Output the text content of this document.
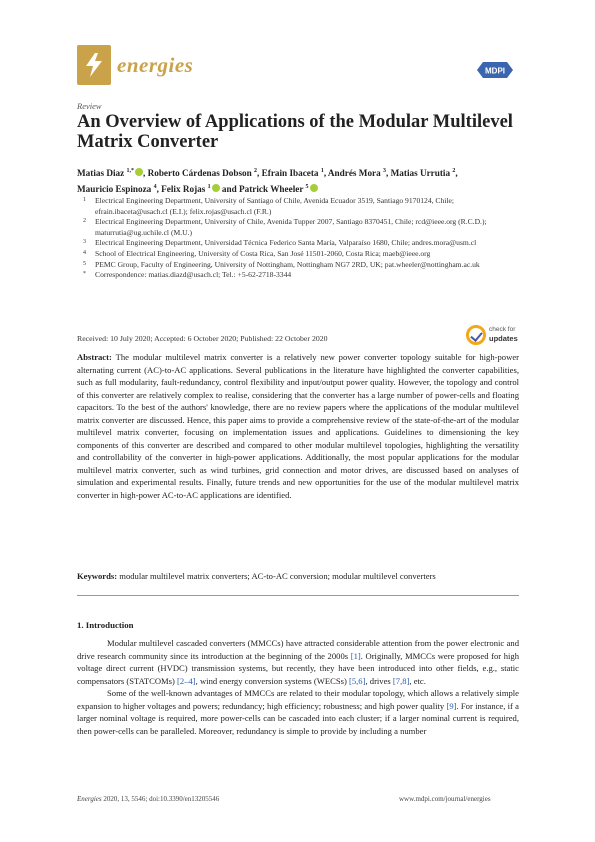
energies	MDPI
Review
An Overview of Applications of the Modular Multilevel Matrix Converter
Matias Diaz $^{1,*}$ , Roberto Cárdenas Dobson $^2$, Efrain Ibaceta $^1$, Andrés Mora $^3$, Matias Urrutia $^2$,
Mauricio Espinoza $^4$, Felix Rojas $^1$ and Patrick Wheeler $^5$
1	Electrical Engineering Department, University of Santiago of Chile, Avenida Ecuador 3519, Santiago 9170124, Chile; efrain.ibaceta@usach.cl (E.I.); felix.rojas@usach.cl (F.R.)
2	Electrical Engineering Department, University of Chile, Avenida Tupper 2007, Santiago 8370451, Chile; rcd@ieee.org (R.C.D.); maturrutia@ug.uchile.cl (M.U.)
3	Electrical Engineering Department, Universidad Técnica Federico Santa María, Valparaíso 1680, Chile; andres.mora@usm.cl
4	School of Electrical Engineering, University of Costa Rica, San José 11501-2060, Costa Rica; maeb@ieee.org
5	PEMC Group, Faculty of Engineering, University of Nottingham, Nottingham NG7 2RD, UK; pat.wheeler@nottingham.ac.uk
*	Correspondence: matias.diazd@usach.cl; Tel.: +5-62-2718-3344
Received: 10 July 2020; Accepted: 6 October 2020; Published: 22 October 2020
check for
updates
Abstract: The modular multilevel matrix converter is a relatively new power converter topology suitable for high-power alternating current (AC)-to-AC applications. Several publications in the literature have highlighted the converter capabilities, such as full modularity, fault-redundancy, control flexibility and input/output power quality. However, the topology and control of this converter are relatively complex to realise, considering that the converter has a large number of power-cells and floating capacitors. To the best of the authors' knowledge, there are no review papers where the applications of the modular multilevel matrix converter are discussed. Hence, this paper aims to provide a comprehensive review of the state-of-the-art of the modular multilevel matrix converter, focusing on implementation issues and applications. Guidelines to dimensioning the key components of this converter are described and compared to other modular multilevel topologies, highlighting the versatility and controllability of the converter in high-power applications. Additionally, the most popular applications for the modular multilevel matrix converter, such as wind turbines, grid connection and motor drives, are discussed based on analyses of simulation and experimental results. Finally, future trends and new opportunities for the use of the modular multilevel matrix converter in high-power AC-to-AC applications are identified.
Keywords: modular multilevel matrix converters; AC-to-AC conversion; modular multilevel converters
1. Introduction

Modular multilevel cascaded converters (MMCCs) have attracted considerable attention from the power electronic and drive research community since its introduction at the beginning of the 2000s [1]. Originally, MMCCs were proposed for high voltage direct current (HVDC) transmission systems, but recently, they have been introduced into other fields, e.g., static compensators (STATCOMs) [2–4], wind energy conversion systems (WECSs) [5,6], drives [7,8], etc.

Some of the well-known advantages of MMCCs are related to their modular topology, which allows a relatively simple expansion to higher voltages and powers; redundancy; high efficiency; robustness; and high power quality [9]. For instance, if a larger nominal voltage is required, more power-cells can be cascaded into each cluster; if a larger nominal current is required, then power-cells can be paralleled. Moreover, redundancy is simple to provide by including a number

Energies 2020, 13, 5546; doi:10.3390/en13205546	www.mdpi.com/journal/energies
